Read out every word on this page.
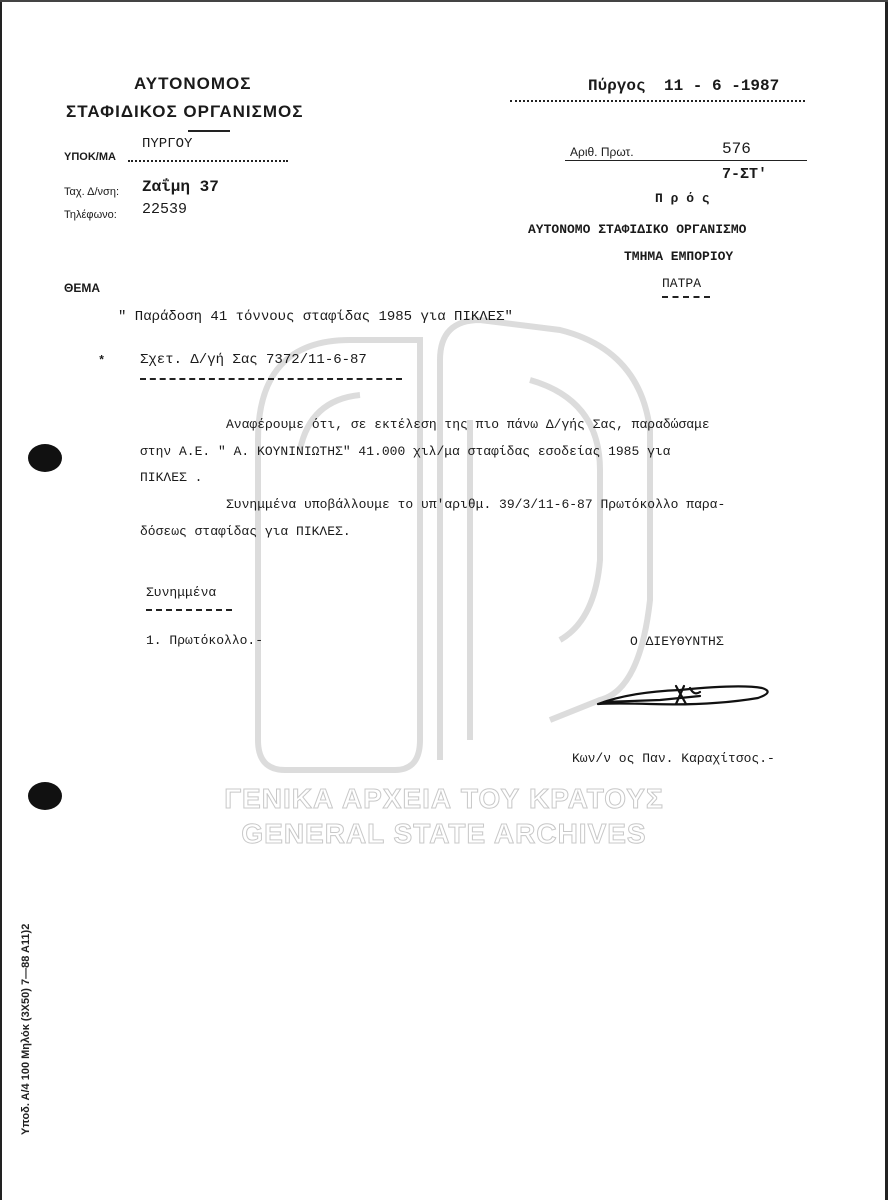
ΓΕΝΙΚΑ ΑΡΧΕΙΑ ΤΟΥ ΚΡΑΤΟΥΣ
GENERAL STATE ARCHIVES
ΑΥΤΟΝΟΜΟΣ
ΣΤΑΦΙΔΙΚΟΣ ΟΡΓΑΝΙΣΜΟΣ
ΥΠΟΚ/ΜΑ
ΠΥΡΓΟΥ
Ταχ. Δ/νση: Ζαΐμη 37
Τηλέφωνο: 22539
Πύργος 11 - 6 -1987
Αριθ. Πρωτ.	576
7-ΣΤ'
Π ρ ό ς
ΑΥΤΟΝΟΜΟ ΣΤΑΦΙΔΙΚΟ ΟΡΓΑΝΙΣΜΟ
ΤΜΗΜΑ ΕΜΠΟΡΙΟΥ
ΠΑΤΡΑ
ΘΕΜΑ
" Παράδοση 41 τόννους σταφίδας 1985 για ΠΙΚΛΕΣ"
* Σχετ. Δ/γή Σας 7372/11-6-87
Αναφέρουμε ότι, σε εκτέλεση της πιο πάνω Δ/γής Σας, παραδώσαμε
στην Α.Ε. " Α. ΚΟΥΝΙΝΙΩΤΗΣ" 41.000 χιλ/μα σταφίδας εσοδείας 1985 για
ΠΙΚΛΕΣ .
Συνημμένα υποβάλλουμε το υπ'αριθμ. 39/3/11-6-87 Πρωτόκολλο παρα-
δόσεως σταφίδας για ΠΙΚΛΕΣ.
Συνημμένα
1. Πρωτόκολλο.-	Ο ΔΙΕΥΘΥΝΤΗΣ
Κων/ν ος Παν. Καραχίτσος.-
Υποδ. Α/4 100 Μηλόκ (3Χ50) 7—88 Α11)2
